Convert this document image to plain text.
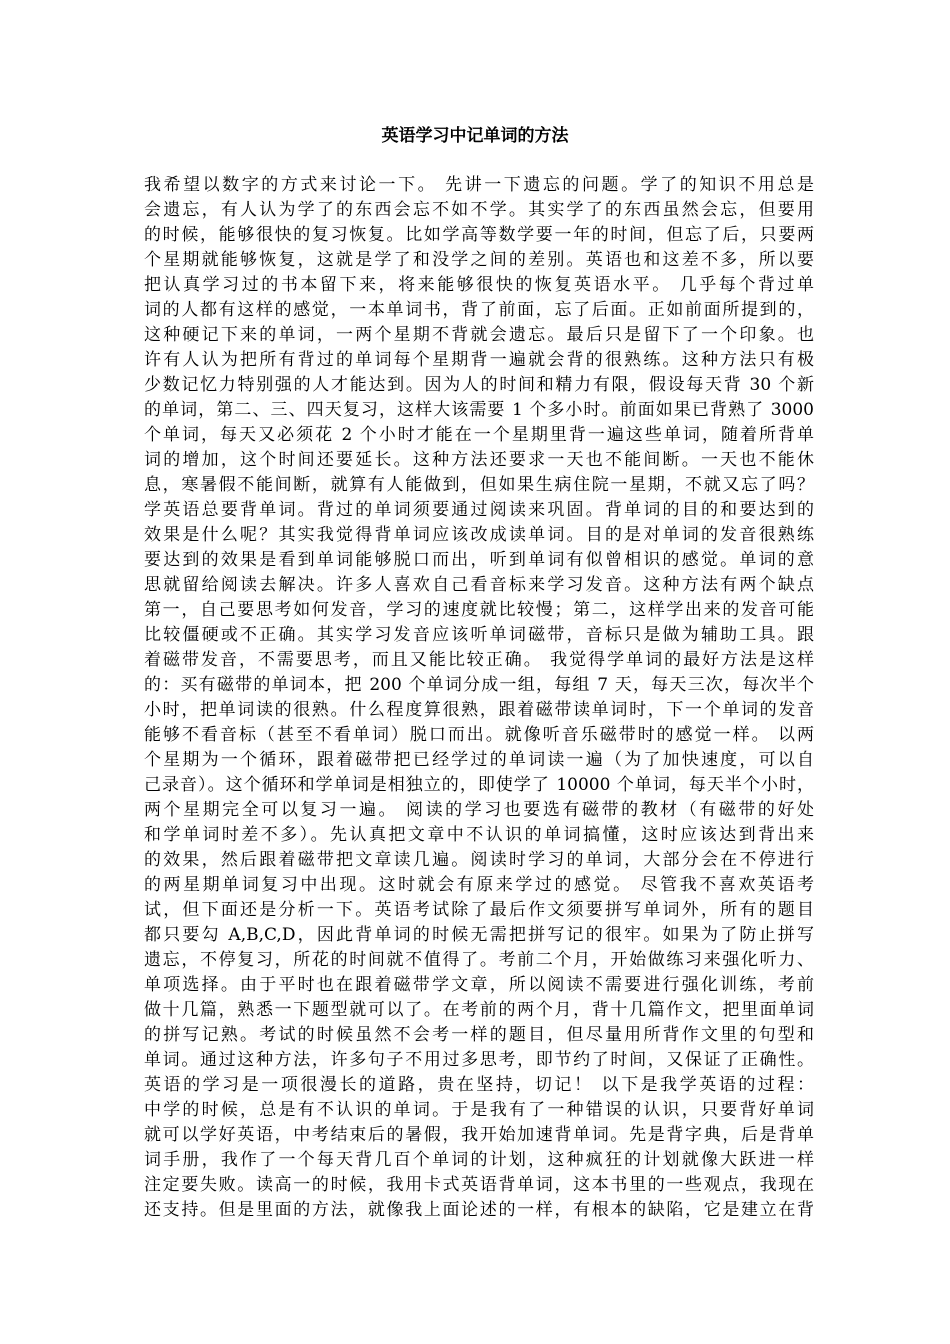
英语学习中记单词的方法
我希望以数字的方式来讨论一下。 先讲一下遗忘的问题。学了的知识不用总是
会遗忘，有人认为学了的东西会忘不如不学。其实学了的东西虽然会忘，但要用
的时候，能够很快的复习恢复。比如学高等数学要一年的时间，但忘了后，只要两
个星期就能够恢复，这就是学了和没学之间的差别。英语也和这差不多，所以要
把认真学习过的书本留下来，将来能够很快的恢复英语水平。 几乎每个背过单
词的人都有这样的感觉，一本单词书，背了前面，忘了后面。正如前面所提到的，
这种硬记下来的单词，一两个星期不背就会遗忘。最后只是留下了一个印象。也
许有人认为把所有背过的单词每个星期背一遍就会背的很熟练。这种方法只有极
少数记忆力特别强的人才能达到。因为人的时间和精力有限，假设每天背 30 个新
的单词，第二、三、四天复习，这样大该需要 1 个多小时。前面如果已背熟了 3000
个单词，每天又必须花 2 个小时才能在一个星期里背一遍这些单词，随着所背单
词的增加，这个时间还要延长。这种方法还要求一天也不能间断。一天也不能休
息，寒暑假不能间断，就算有人能做到，但如果生病住院一星期，不就又忘了吗？
学英语总要背单词。背过的单词须要通过阅读来巩固。背单词的目的和要达到的
效果是什么呢？其实我觉得背单词应该改成读单词。目的是对单词的发音很熟练
要达到的效果是看到单词能够脱口而出，听到单词有似曾相识的感觉。单词的意
思就留给阅读去解决。许多人喜欢自己看音标来学习发音。这种方法有两个缺点
第一，自己要思考如何发音，学习的速度就比较慢；第二，这样学出来的发音可能
比较僵硬或不正确。其实学习发音应该听单词磁带，音标只是做为辅助工具。跟
着磁带发音，不需要思考，而且又能比较正确。 我觉得学单词的最好方法是这样
的：买有磁带的单词本，把 200 个单词分成一组，每组 7 天，每天三次，每次半个
小时，把单词读的很熟。什么程度算很熟，跟着磁带读单词时，下一个单词的发音
能够不看音标（甚至不看单词）脱口而出。就像听音乐磁带时的感觉一样。 以两
个星期为一个循环，跟着磁带把已经学过的单词读一遍（为了加快速度，可以自
己录音）。这个循环和学单词是相独立的，即使学了 10000 个单词，每天半个小时，
两个星期完全可以复习一遍。 阅读的学习也要选有磁带的教材（有磁带的好处
和学单词时差不多）。先认真把文章中不认识的单词搞懂，这时应该达到背出来
的效果，然后跟着磁带把文章读几遍。阅读时学习的单词，大部分会在不停进行
的两星期单词复习中出现。这时就会有原来学过的感觉。 尽管我不喜欢英语考
试，但下面还是分析一下。英语考试除了最后作文须要拼写单词外，所有的题目
都只要勾 A,B,C,D，因此背单词的时候无需把拼写记的很牢。如果为了防止拼写
遗忘，不停复习，所花的时间就不值得了。考前二个月，开始做练习来强化听力、
单项选择。由于平时也在跟着磁带学文章，所以阅读不需要进行强化训练，考前
做十几篇，熟悉一下题型就可以了。在考前的两个月，背十几篇作文，把里面单词
的拼写记熟。考试的时候虽然不会考一样的题目，但尽量用所背作文里的句型和
单词。通过这种方法，许多句子不用过多思考，即节约了时间，又保证了正确性。
英语的学习是一项很漫长的道路，贵在坚持，切记！ 以下是我学英语的过程：
中学的时候，总是有不认识的单词。于是我有了一种错误的认识，只要背好单词
就可以学好英语，中考结束后的暑假，我开始加速背单词。先是背字典，后是背单
词手册，我作了一个每天背几百个单词的计划，这种疯狂的计划就像大跃进一样
注定要失败。读高一的时候，我用卡式英语背单词，这本书里的一些观点，我现在
还支持。但是里面的方法，就像我上面论述的一样，有根本的缺陷，它是建立在背
